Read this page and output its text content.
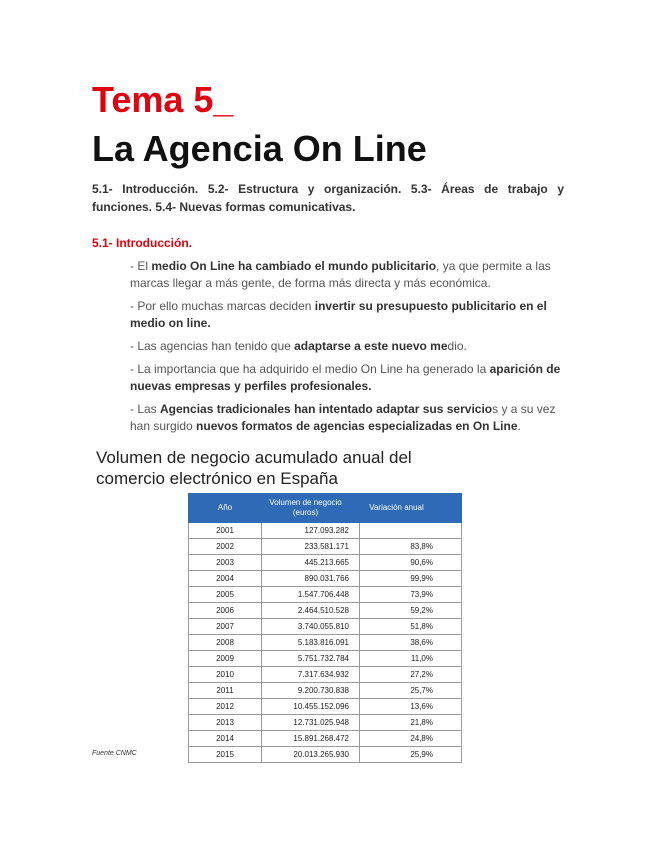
Tema 5_
La Agencia On Line

5.1- Introducción. 5.2- Estructura y organización. 5.3- Áreas de trabajo y funciones. 5.4- Nuevas formas comunicativas.

5.1- Introducción.

- El medio On Line ha cambiado el mundo publicitario, ya que permite a las marcas llegar a más gente, de forma más directa y más económica.

- Por ello muchas marcas deciden invertir su presupuesto publicitario en el medio on line.

- Las agencias han tenido que adaptarse a este nuevo medio.

- La importancia que ha adquirido el medio On Line ha generado la aparición de nuevas empresas y perfiles profesionales.

- Las Agencias tradicionales han intentado adaptar sus servicios y a su vez han surgido nuevos formatos de agencias especializadas en On Line.

Volumen de negocio acumulado anual del comercio electrónico en España

Año	Volumen de negocio (euros)	Variación anual
2001	127.093.282	
2002	233.581.171	83,8%
2003	445.213.665	90,6%
2004	890.031.766	99,9%
2005	1.547.706.448	73,9%
2006	2.464.510.528	59,2%
2007	3.740.055.810	51,8%
2008	5.183.816.091	38,6%
2009	5.751.732.784	11,0%
2010	7.317.634.932	27,2%
2011	9.200.730.838	25,7%
2012	10.455.152.096	13,6%
2013	12.731.025.948	21,8%
2014	15.891.268.472	24,8%
2015	20.013.265.930	25,9%

Fuente CNMC
